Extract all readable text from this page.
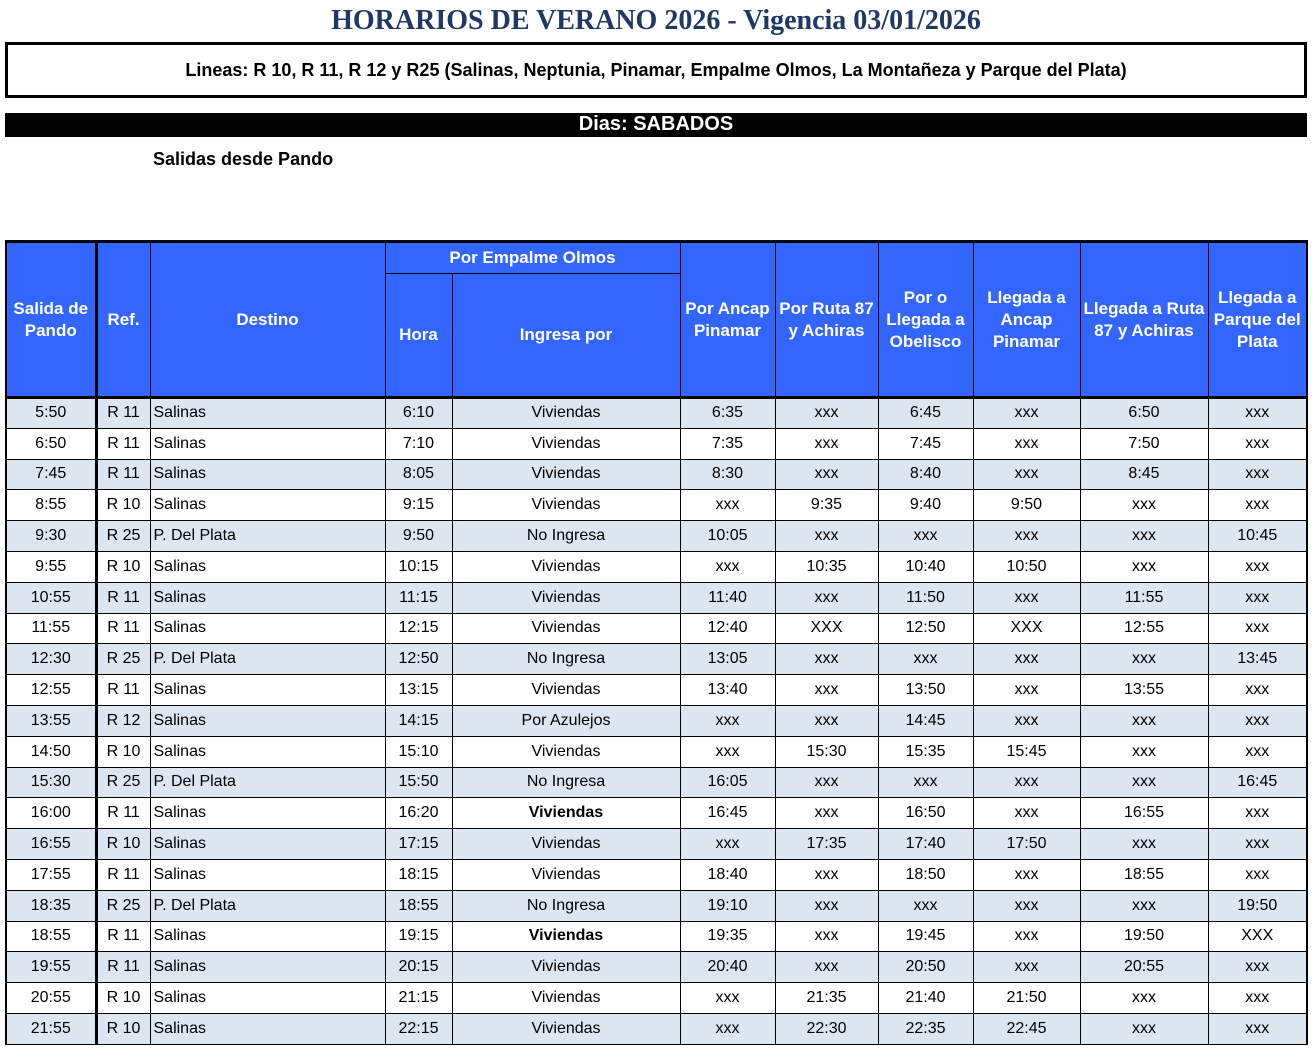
HORARIOS DE VERANO 2026 - Vigencia 03/01/2026
Lineas: R 10, R 11, R 12 y R25 (Salinas, Neptunia, Pinamar, Empalme Olmos, La Montañeza y Parque del Plata)
Dias: SABADOS
Salidas desde Pando
Salida de Pando	Ref.	Destino	Por Empalme Olmos		Por Ancap Pinamar	Por Ruta 87 y Achiras	Por o Llegada a Obelisco	Llegada a Ancap Pinamar	Llegada a Ruta 87 y Achiras	Llegada a Parque del Plata
			Hora	Ingresa por						
5:50	R 11	Salinas	6:10	Viviendas	6:35	xxx	6:45	xxx	6:50	xxx
6:50	R 11	Salinas	7:10	Viviendas	7:35	xxx	7:45	xxx	7:50	xxx
7:45	R 11	Salinas	8:05	Viviendas	8:30	xxx	8:40	xxx	8:45	xxx
8:55	R 10	Salinas	9:15	Viviendas	xxx	9:35	9:40	9:50	xxx	xxx
9:30	R 25	P. Del Plata	9:50	No Ingresa	10:05	xxx	xxx	xxx	xxx	10:45
9:55	R 10	Salinas	10:15	Viviendas	xxx	10:35	10:40	10:50	xxx	xxx
10:55	R 11	Salinas	11:15	Viviendas	11:40	xxx	11:50	xxx	11:55	xxx
11:55	R 11	Salinas	12:15	Viviendas	12:40	XXX	12:50	XXX	12:55	xxx
12:30	R 25	P. Del Plata	12:50	No Ingresa	13:05	xxx	xxx	xxx	xxx	13:45
12:55	R 11	Salinas	13:15	Viviendas	13:40	xxx	13:50	xxx	13:55	xxx
13:55	R 12	Salinas	14:15	Por Azulejos	xxx	xxx	14:45	xxx	xxx	xxx
14:50	R 10	Salinas	15:10	Viviendas	xxx	15:30	15:35	15:45	xxx	xxx
15:30	R 25	P. Del Plata	15:50	No Ingresa	16:05	xxx	xxx	xxx	xxx	16:45
16:00	R 11	Salinas	16:20	Viviendas	16:45	xxx	16:50	xxx	16:55	xxx
16:55	R 10	Salinas	17:15	Viviendas	xxx	17:35	17:40	17:50	xxx	xxx
17:55	R 11	Salinas	18:15	Viviendas	18:40	xxx	18:50	xxx	18:55	xxx
18:35	R 25	P. Del Plata	18:55	No Ingresa	19:10	xxx	xxx	xxx	xxx	19:50
18:55	R 11	Salinas	19:15	Viviendas	19:35	xxx	19:45	xxx	19:50	XXX
19:55	R 11	Salinas	20:15	Viviendas	20:40	xxx	20:50	xxx	20:55	xxx
20:55	R 10	Salinas	21:15	Viviendas	xxx	21:35	21:40	21:50	xxx	xxx
21:55	R 10	Salinas	22:15	Viviendas	xxx	22:30	22:35	22:45	xxx	xxx
